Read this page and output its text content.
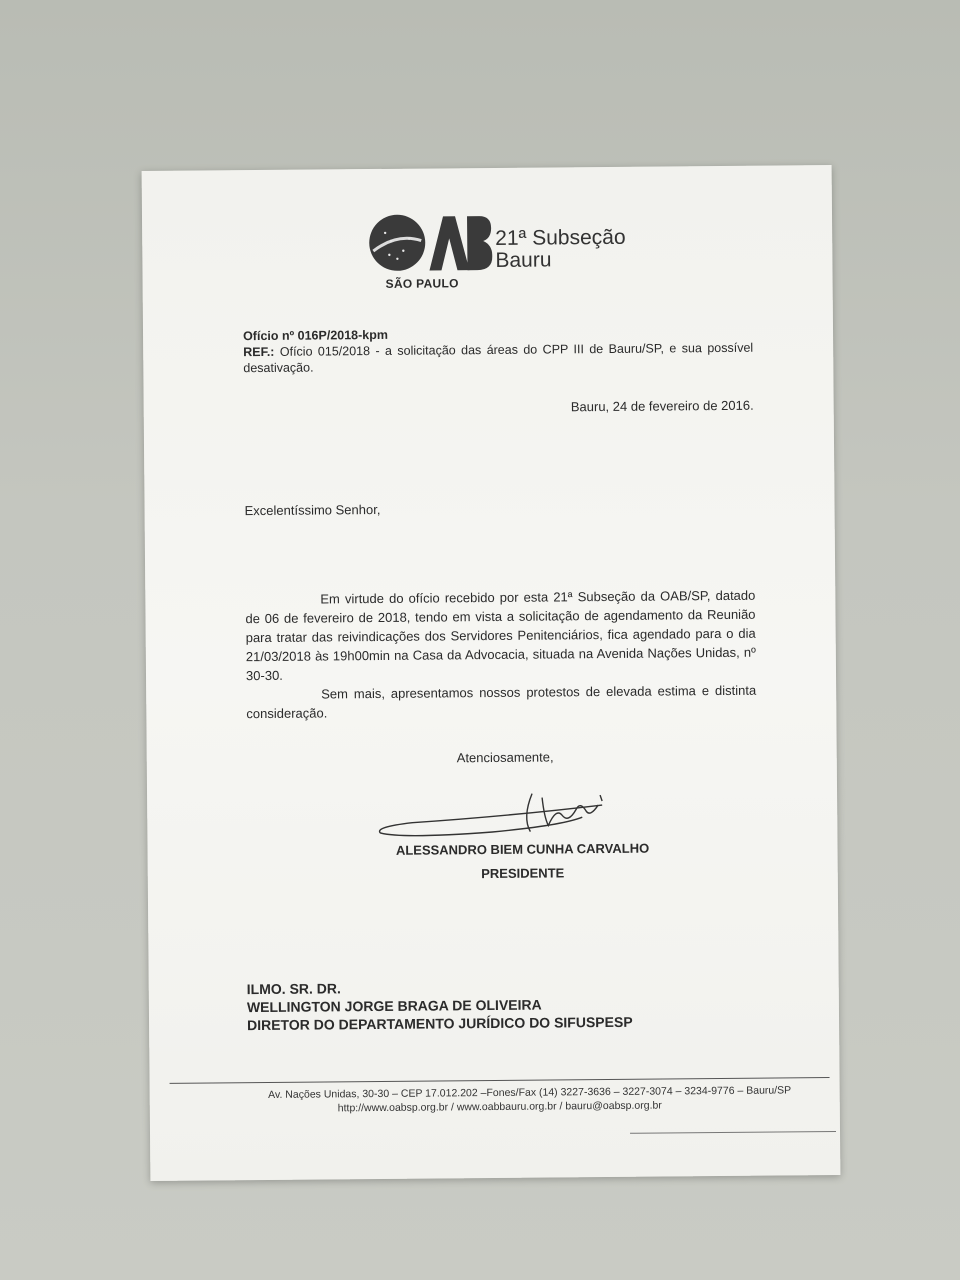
SÃO PAULO
21ª Subseção
Bauru
Ofício nº 016P/2018-kpm
REF.: Ofício 015/2018 - a solicitação das áreas do CPP III de Bauru/SP, e sua possível desativação.
Bauru, 24 de fevereiro de 2016.
Excelentíssimo Senhor,

Em virtude do ofício recebido por esta 21ª Subseção da OAB/SP, datado de 06 de fevereiro de 2018, tendo em vista a solicitação de agendamento da Reunião para tratar das reivindicações dos Servidores Penitenciários, fica agendado para o dia 21/03/2018 às 19h00min na Casa da Advocacia, situada na Avenida Nações Unidas, nº 30-30.

Sem mais, apresentamos nossos protestos de elevada estima e distinta consideração.

Atenciosamente,
ALESSANDRO BIEM CUNHA CARVALHO
PRESIDENTE
ILMO. SR. DR.
WELLINGTON JORGE BRAGA DE OLIVEIRA
DIRETOR DO DEPARTAMENTO JURÍDICO DO SIFUSPESP
Av. Nações Unidas, 30-30 – CEP 17.012.202 –Fones/Fax (14) 3227-3636 – 3227-3074 – 3234-9776 – Bauru/SP
http://www.oabsp.org.br / www.oabbauru.org.br / bauru@oabsp.org.br
